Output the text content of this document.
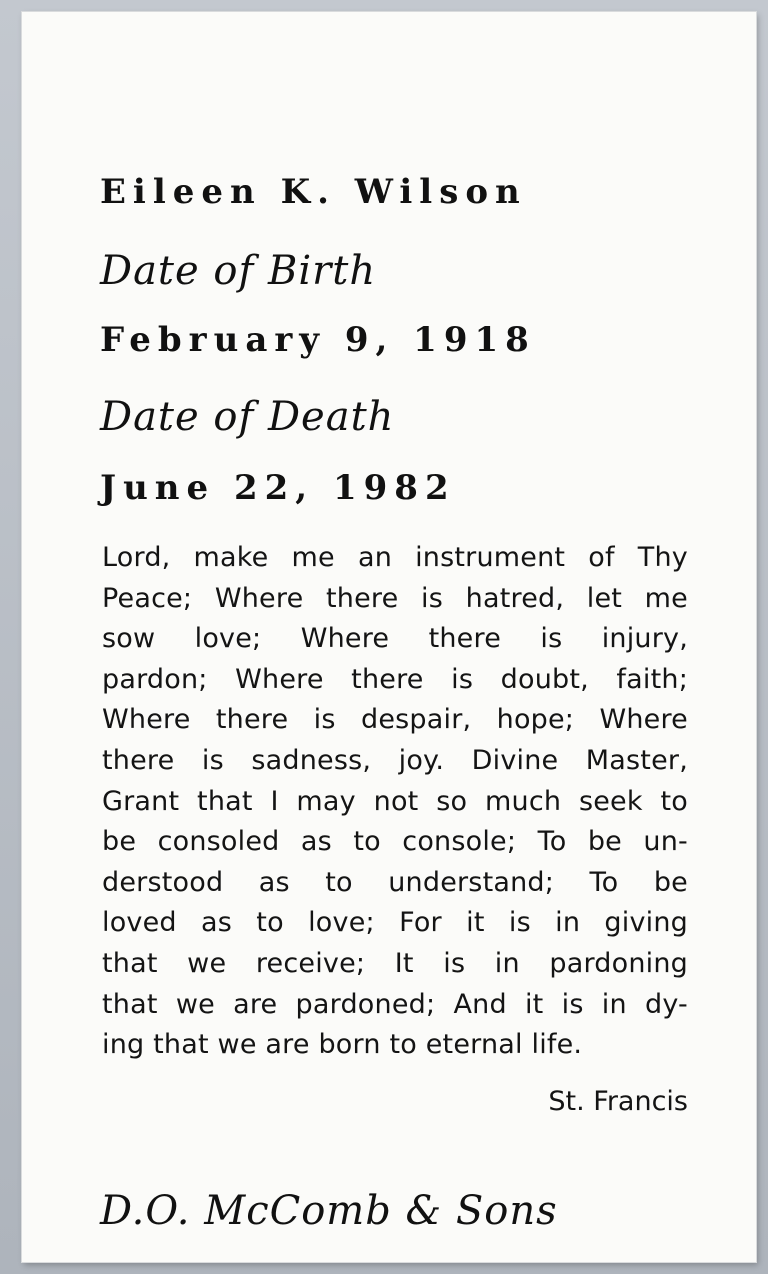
Eileen K. Wilson
Date of Birth
February 9, 1918
Date of Death
June 22, 1982
Lord, make me an instrument of Thy
Peace; Where there is hatred, let me
sow love; Where there is injury,
pardon; Where there is doubt, faith;
Where there is despair, hope; Where
there is sadness, joy. Divine Master,
Grant that I may not so much seek to
be consoled as to console; To be un-
derstood as to understand; To be
loved as to love; For it is in giving
that we receive; It is in pardoning
that we are pardoned; And it is in dy-
ing that we are born to eternal life.
St. Francis
D.O. McComb & Sons
